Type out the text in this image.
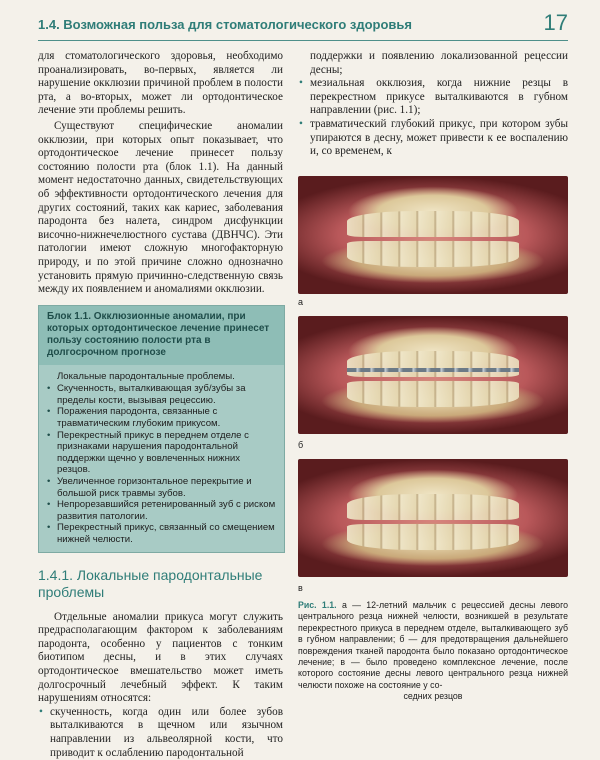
1.4. Возможная польза для стоматологического здоровья	17

для стоматологического здоровья, необходимо проанализировать, во-первых, является ли нарушение окклюзии причиной проблем в полости рта, а во-вторых, может ли ортодонтическое лечение эти проблемы решить.

Существуют специфические аномалии окклюзии, при которых опыт показывает, что ортодонтическое лечение принесет пользу состоянию полости рта (блок 1.1). На данный момент недостаточно данных, свидетельствующих об эффективности ортодонтического лечения для других состояний, таких как кариес, заболевания пародонта без налета, синдром дисфункции височно-нижнечелюстного сустава (ДВНЧС). Эти патологии имеют сложную многофакторную природу, и по этой причине сложно однозначно установить прямую причинно-следственную связь между их появлением и аномалиями окклюзии.

Блок 1.1. Окклюзионные аномалии, при которых ортодонтическое лечение принесет пользу состоянию полости рта в долгосрочном прогнозе
Локальные пародонтальные проблемы.
• Скученность, выталкивающая зуб/зубы за пределы кости, вызывая рецессию.
• Поражения пародонта, связанные с травматическим глубоким прикусом.
• Перекрестный прикус в переднем отделе с признаками нарушения пародонтальной поддержки щечно у вовлеченных нижних резцов.
• Увеличенное горизонтальное перекрытие и большой риск травмы зубов.
• Непрорезавшийся ретенированный зуб с риском развития патологии.
• Перекрестный прикус, связанный со смещением нижней челюсти.
1.4.1. Локальные пародонтальные проблемы

Отдельные аномалии прикуса могут служить предрасполагающим фактором к заболеваниям пародонта, особенно у пациентов с тонким биотипом десны, и в этих случаях ортодонтическое вмешательство может иметь долгосрочный лечебный эффект. К таким нарушениям относятся:

• скученность, когда один или более зубов выталкиваются в щечном или язычном направлении из альвеолярной кости, что приводит к ослаблению пародонтальной

поддержки и появлению локализованной рецессии десны;

• мезиальная окклюзия, когда нижние резцы в перекрестном прикусе выталкиваются в губном направлении (рис. 1.1);
• травматический глубокий прикус, при котором зубы упираются в десну, может привести к ее воспалению и, со временем, к
а
б
в
Рис. 1.1. а — 12-летний мальчик с рецессией десны левого центрального резца нижней челюсти, возникшей в результате перекрестного прикуса в переднем отделе, выталкивающего зуб в губном направлении; б — для предотвращения дальнейшего повреждения тканей пародонта было показано ортодонтическое лечение; в — было проведено комплексное лечение, после которого состояние десны левого центрального резца нижней челюсти похоже на состояние у со-
седних резцов
